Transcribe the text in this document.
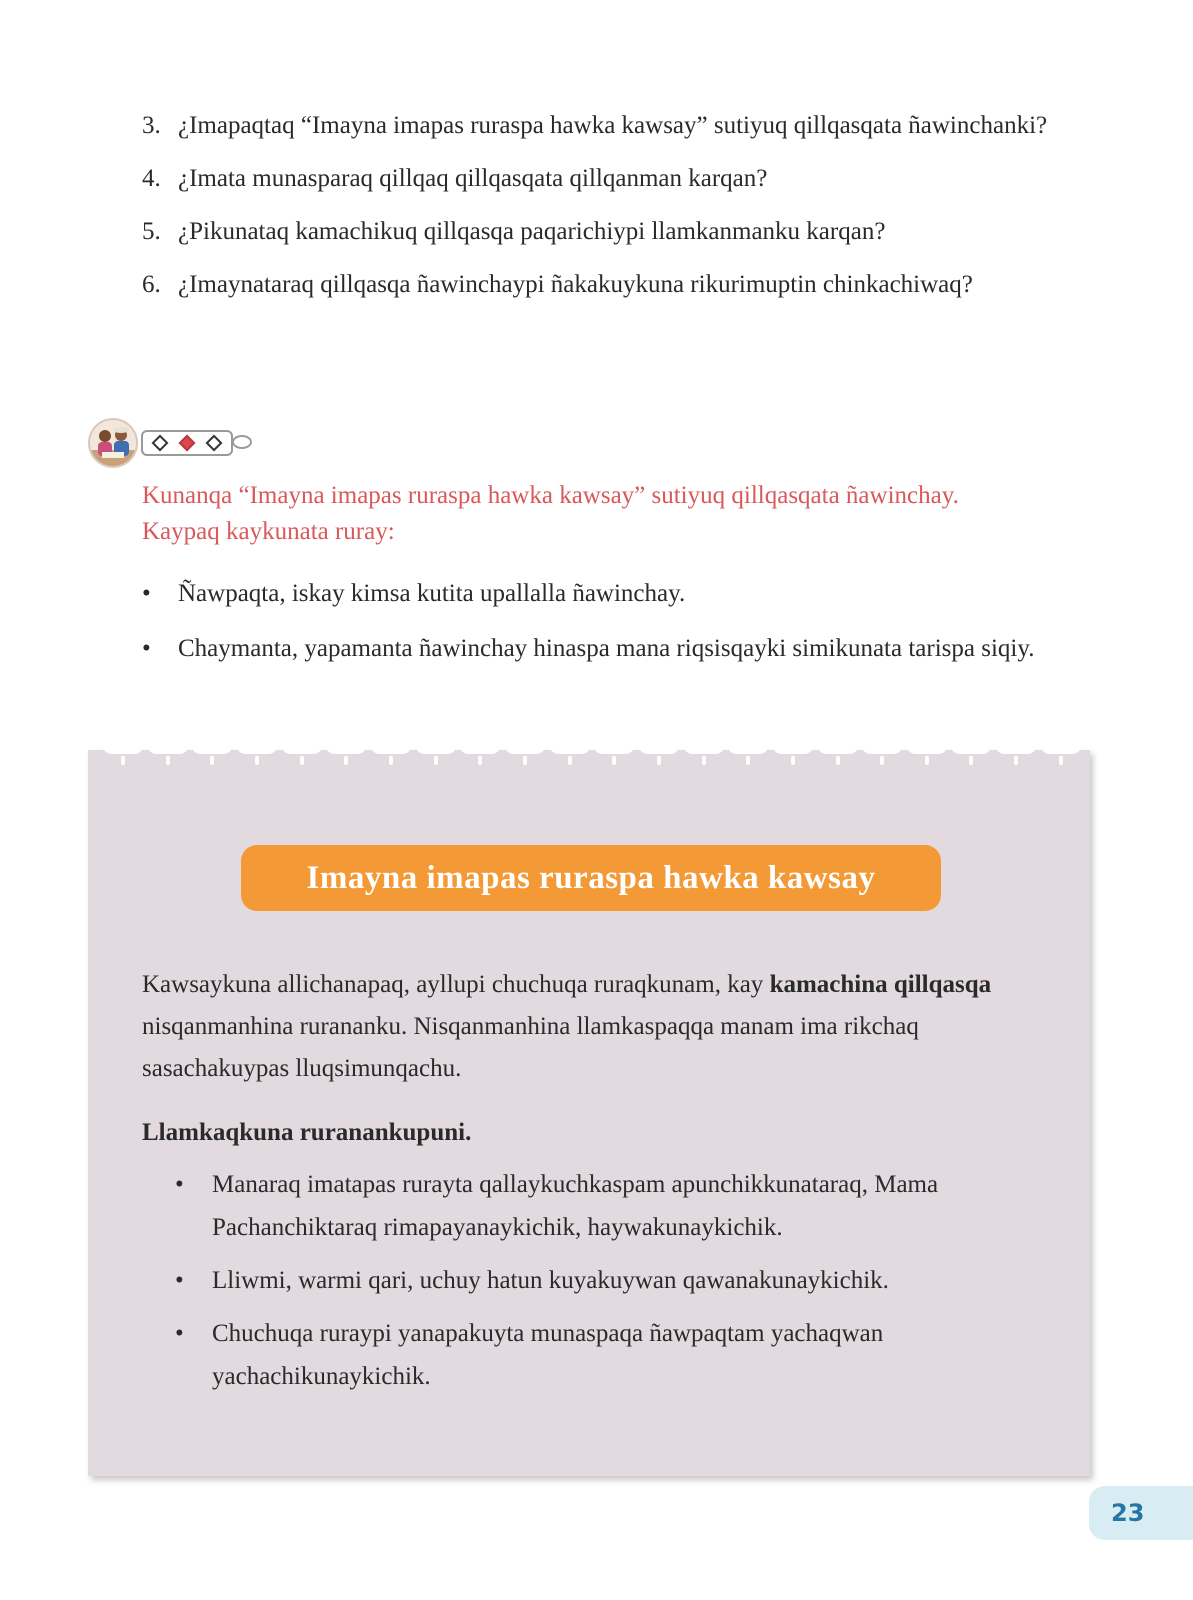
3. ¿Imapaqtaq “Imayna imapas ruraspa hawka kawsay” sutiyuq qillqasqata ñawinchanki?
4. ¿Imata munasparaq qillqaq qillqasqata qillqanman karqan?
5. ¿Pikunataq kamachikuq qillqasqa paqarichiypi llamkanmanku karqan?
6. ¿Imaynataraq qillqasqa ñawinchaypi ñakakuykuna rikurimuptin chinkachiwaq?
Kunanqa “Imayna imapas ruraspa hawka kawsay” sutiyuq qillqasqata ñawinchay. Kaypaq kaykunata ruray:
•	Ñawpaqta, iskay kimsa kutita upallalla ñawinchay.
•	Chaymanta, yapamanta ñawinchay hinaspa mana riqsisqayki simikunata tarispa siqiy.
Imayna imapas ruraspa hawka kawsay
Kawsaykuna allichanapaq, ayllupi chuchuqa ruraqkunam, kay kamachina qillqasqa nisqanmanhina rurananku. Nisqanmanhina llamkaspaqqa manam ima rikchaq sasachakuypas lluqsimunqachu.
Llamkaqkuna ruranankupuni.
•	Manaraq imatapas rurayta qallaykuchkaspam apunchikkunataraq, Mama Pachanchiktaraq rimapayanaykichik, haywakunaykichik.
•	Lliwmi, warmi qari, uchuy hatun kuyakuywan qawanakunaykichik.
•	Chuchuqa ruraypi yanapakuyta munaspaqa ñawpaqtam yachaqwan yachachikunaykichik.
23
